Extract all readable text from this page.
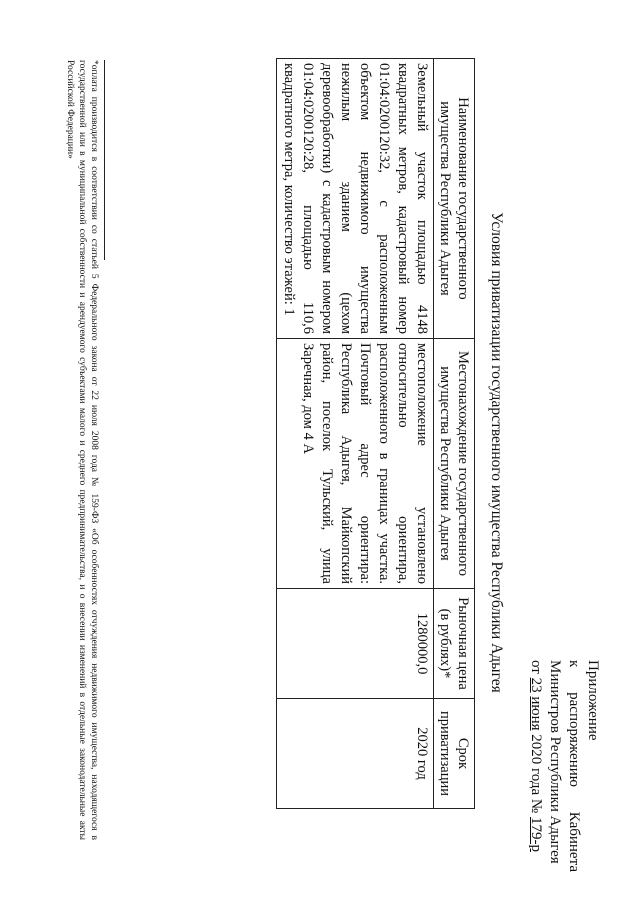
Приложение
к
распоряжению
Кабинета
Министров Республики Адыгея
от 23 июня 2020 года № 179-р
Условия приватизации государственного имущества Республики Адыгея
Наименование государственного имущества Республики Адыгея	Местонахождение государственного имущества Республики Адыгея	Рыночная цена (в рублях)*	Срок приватизации
Земельный участок площадью 4148 квадратных метров, кадастровый номер 01:04:0200120:32, с расположенным объектом недвижимого имущества нежилым зданием (цехом деревообработки) с кадастровым номером 01:04:0200120:28, площадью 110,6 квадратного метра, количество этажей: 1	местоположение установлено относительно ориентира, расположенного в границах участка. Почтовый адрес ориентира: Республика Адыгея, Майкопский район, поселок Тульский, улица Заречная, дом 4 А	1280000,0	2020 год
*оплата производится в соответствии со статьей 5 Федерального закона от 22 июля 2008 года № 159-ФЗ «Об особенностях отчуждения недвижимого имущества, находящегося в государственной или в муниципальной собственности и арендуемого субъектами малого и среднего предпринимательства, и о внесении изменений в отдельные законодательные акты Российской Федерации»
